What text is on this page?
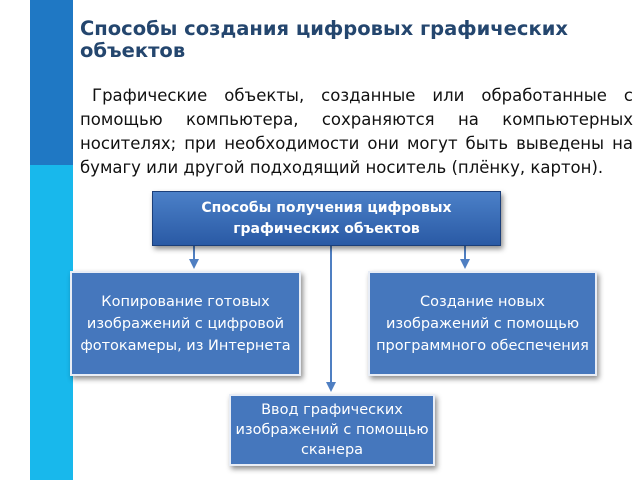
Способы создания цифровых графических объектов

Графические объекты, созданные или обработанные с помощью компьютера, сохраняются на компьютерных носителях; при необходимости они могут быть выведены на бумагу или другой подходящий носитель (плёнку, картон).

Способы получения цифровых графических объектов
Копирование готовых изображений с цифровой фотокамеры, из Интернета
Создание новых изображений с помощью программного обеспечения
Ввод графических изображений с помощью сканера
